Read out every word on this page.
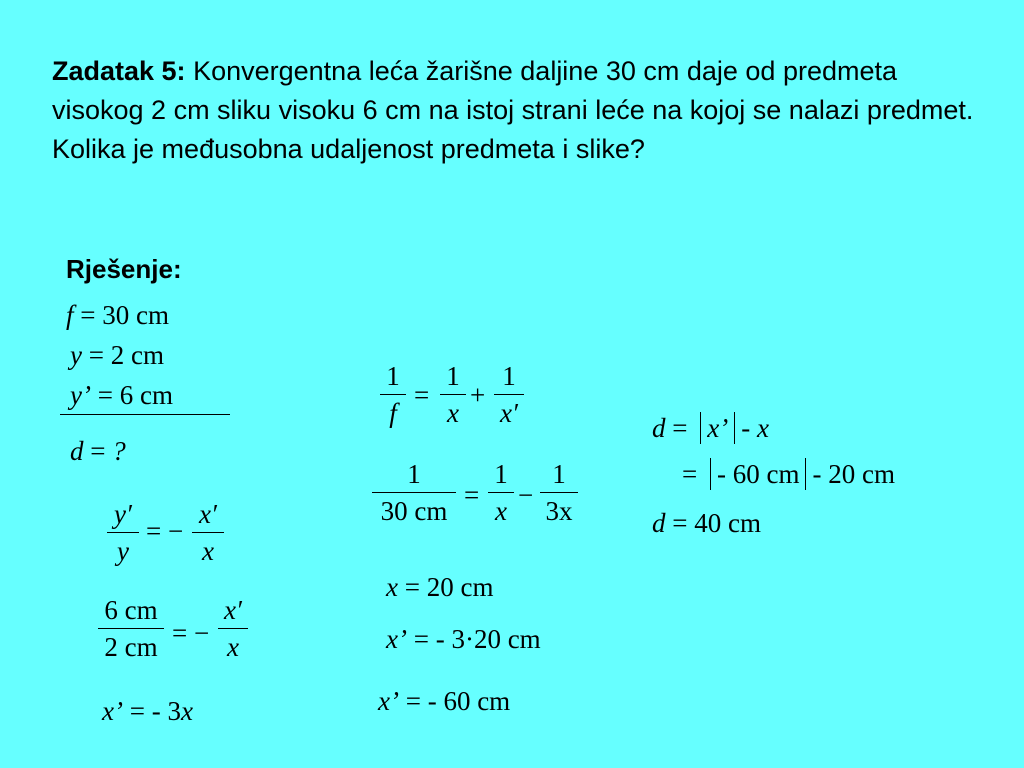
Zadatak 5: Konvergentna leća žarišne daljine 30 cm daje od predmeta visokog 2 cm sliku visoku 6 cm na istoj strani leće na kojoj se nalazi predmet. Kolika je međusobna udaljenost predmeta i slike?
Rješenje:
f = 30 cm
y = 2 cm
y’ = 6 cm
d = ?
y′
y
= −
x′
x
6 cm
2 cm = −
x′
x
x’ = - 3x
1
f
=
1
x
+
1
x′
1
30 cm
=
1
x
−
1
3x
x = 20 cm
x’ = - 3·20 cm
x’ = - 60 cm
d = x’ - x
= - 60 cm - 20 cm
d = 40 cm
